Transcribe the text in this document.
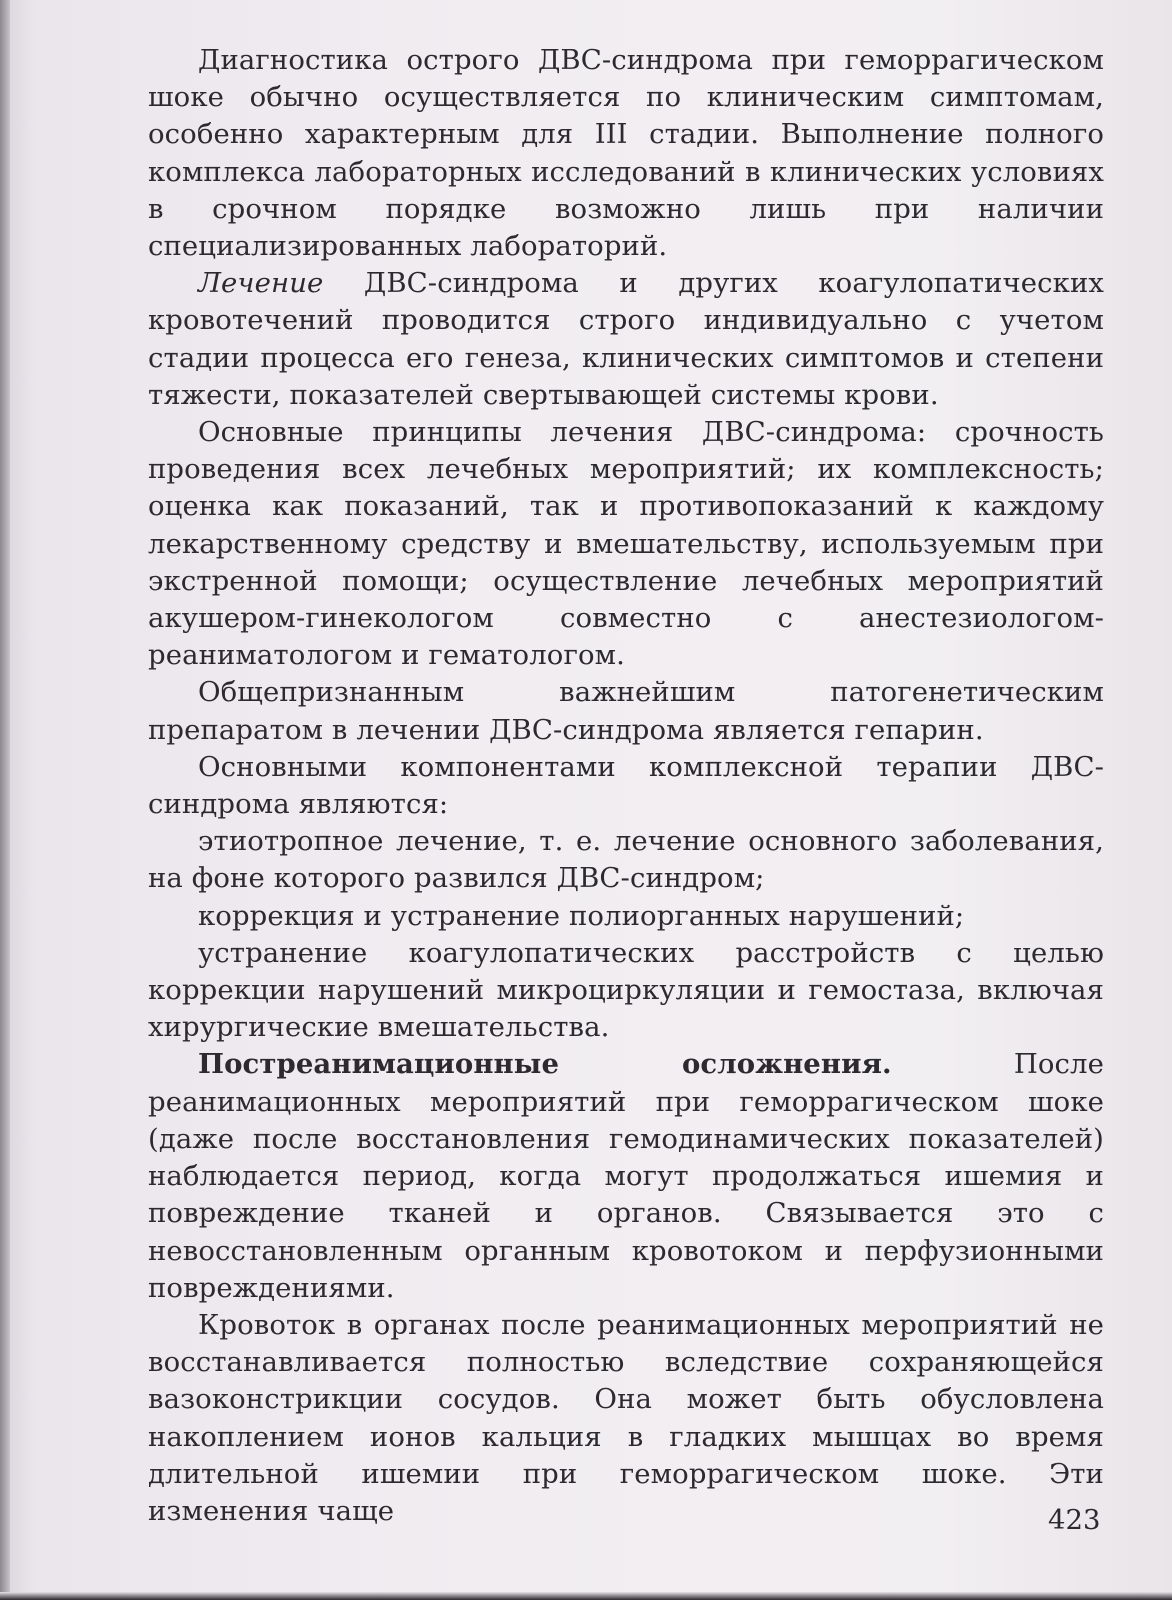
Диагностика острого ДВС-синдрома при геморрагическом шоке обычно осуществляется по клиническим симптомам, особенно характерным для III стадии. Выполнение полного комплекса лабораторных исследований в клинических условиях в срочном порядке возможно лишь при наличии специализированных лабораторий.

Лечение ДВС-синдрома и других коагулопатических кровотечений проводится строго индивидуально с учетом стадии процесса его генеза, клинических симптомов и степени тяжести, показателей свертывающей системы крови.

Основные принципы лечения ДВС-синдрома: срочность проведения всех лечебных мероприятий; их комплексность; оценка как показаний, так и противопоказаний к каждому лекарственному средству и вмешательству, используемым при экстренной помощи; осуществление лечебных мероприятий акушером-гинекологом совместно с анестезиологом-реаниматологом и гематологом.

Общепризнанным важнейшим патогенетическим препаратом в лечении ДВС-синдрома является гепарин.

Основными компонентами комплексной терапии ДВС-синдрома являются:

этиотропное лечение, т. е. лечение основного заболевания, на фоне которого развился ДВС-синдром;

коррекция и устранение полиорганных нарушений;

устранение коагулопатических расстройств с целью коррекции нарушений микроциркуляции и гемостаза, включая хирургические вмешательства.

Постреанимационные осложнения. После реанимационных мероприятий при геморрагическом шоке (даже после восстановления гемодинамических показателей) наблюдается период, когда могут продолжаться ишемия и повреждение тканей и органов. Связывается это с невосстановленным органным кровотоком и перфузионными повреждениями.

Кровоток в органах после реанимационных мероприятий не восстанавливается полностью вследствие сохраняющейся вазоконстрикции сосудов. Она может быть обусловлена накоплением ионов кальция в гладких мышцах во время длительной ишемии при геморрагическом шоке. Эти изменения чаще	423
